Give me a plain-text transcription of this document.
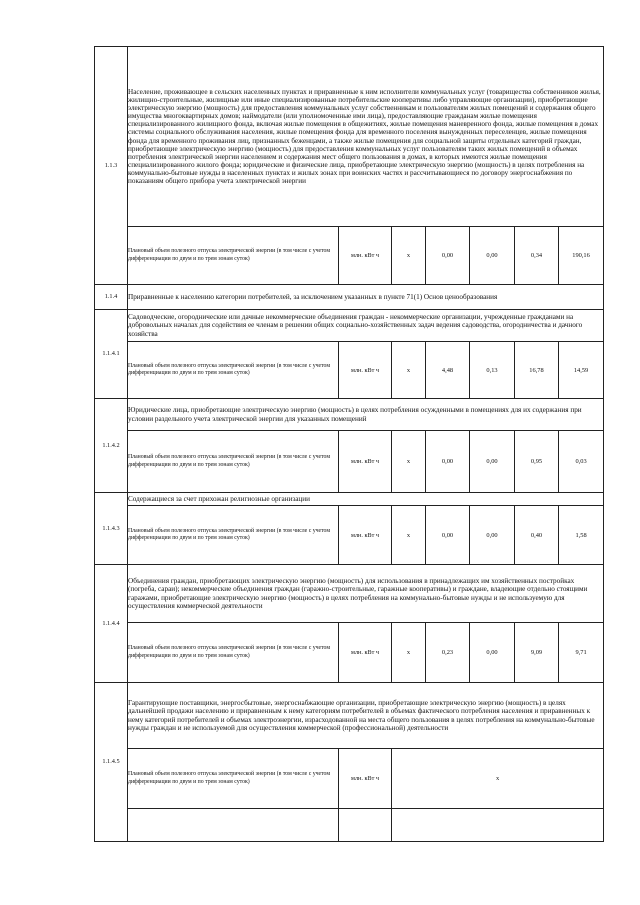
1.1.3	Население, проживающее в сельских населенных пунктах и приравненные к ним исполнители коммунальных услуг (товарищества собственников жилья, жилищно-строительные, жилищные или иные специализированные потребительские кооперативы либо управляющие организации), приобретающие электрическую энергию (мощность) для предоставления коммунальных услуг собственникам и пользователям жилых помещений и содержания общего имущества многоквартирных домов; наймодатели (или уполномоченные ими лица), предоставляющие гражданам жилые помещения специализированного жилищного фонда, включая жилые помещения в общежитиях, жилые помещения маневренного фонда, жилые помещения в домах системы социального обслуживания населения, жилые помещения фонда для временного поселения вынужденных переселенцев, жилые помещения фонда для временного проживания лиц, признанных беженцами, а также жилые помещения для социальной защиты отдельных категорий граждан, приобретающие электрическую энергию (мощность) для предоставления коммунальных услуг пользователям таких жилых помещений в объемах потребления электрической энергии населением и содержания мест общего пользования в домах, в которых имеются жилые помещения специализированного жилого фонда; юридические и физические лица, приобретающие электрическую энергию (мощность) в целях потребления на коммунально-бытовые нужды в населенных пунктах и жилых зонах при воинских частях и рассчитывающиеся по договору энергоснабжения по показаниям общего прибора учета электрической энергии						
	Плановый объем полезного отпуска электрической энергии (в том числе с учетом дифференциации по двум и по трем зонам суток)	млн. кВт ч	х	0,00	0,00	0,34	190,16
1.1.4	Приравненные к населению категории потребителей, за исключением указанных в пункте 71(1) Основ ценообразования						
1.1.4.1	Садоводческие, огороднические или дачные некоммерческие объединения граждан - некоммерческие организации, учрежденные гражданами на добровольных началах для содействия ее членам в решении общих социально-хозяйственных задач ведения садоводства, огородничества и дачного хозяйства						
	Плановый объем полезного отпуска электрической энергии (в том числе с учетом дифференциации по двум и по трем зонам суток)	млн. кВт ч	х	4,48	0,13	16,78	14,59
1.1.4.2	Юридические лица, приобретающие электрическую энергию (мощность) в целях потребления осужденными в помещениях для их содержания при условии раздельного учета электрической энергии для указанных помещений						
	Плановый объем полезного отпуска электрической энергии (в том числе с учетом дифференциации по двум и по трем зонам суток)	млн. кВт ч	х	0,00	0,00	0,95	0,03
1.1.4.3	Содержащиеся за счет прихожан религиозные организации						
	Плановый объем полезного отпуска электрической энергии (в том числе с учетом дифференциации по двум и по трем зонам суток)	млн. кВт ч	х	0,00	0,00	0,40	1,58
1.1.4.4	Объединения граждан, приобретающих электрическую энергию (мощность) для использования в принадлежащих им хозяйственных постройках (погреба, сараи); некоммерческие объединения граждан (гаражно-строительные, гаражные кооперативы) и граждане, владеющие отдельно стоящими гаражами, приобретающие электрическую энергию (мощность) в целях потребления на коммунально-бытовые нужды и не используемую для осуществления коммерческой деятельности						
	Плановый объем полезного отпуска электрической энергии (в том числе с учетом дифференциации по двум и по трем зонам суток)	млн. кВт ч	х	0,23	0,00	9,09	9,71
1.1.4.5	Гарантирующие поставщики, энергосбытовые, энергоснабжающие организации, приобретающие электрическую энергию (мощность) в целях дальнейшей продажи населению и приравненным к нему категориям потребителей в объемах фактического потребления населения и приравненных к нему категорий потребителей и объемах электроэнергии, израсходованной на места общего пользования в целях потребления на коммунально-бытовые нужды граждан и не используемой для осуществления коммерческой (профессиональной) деятельности						
	Плановый объем полезного отпуска электрической энергии (в том числе с учетом дифференциации по двум и по трем зонам суток)	млн. кВт ч	х				
